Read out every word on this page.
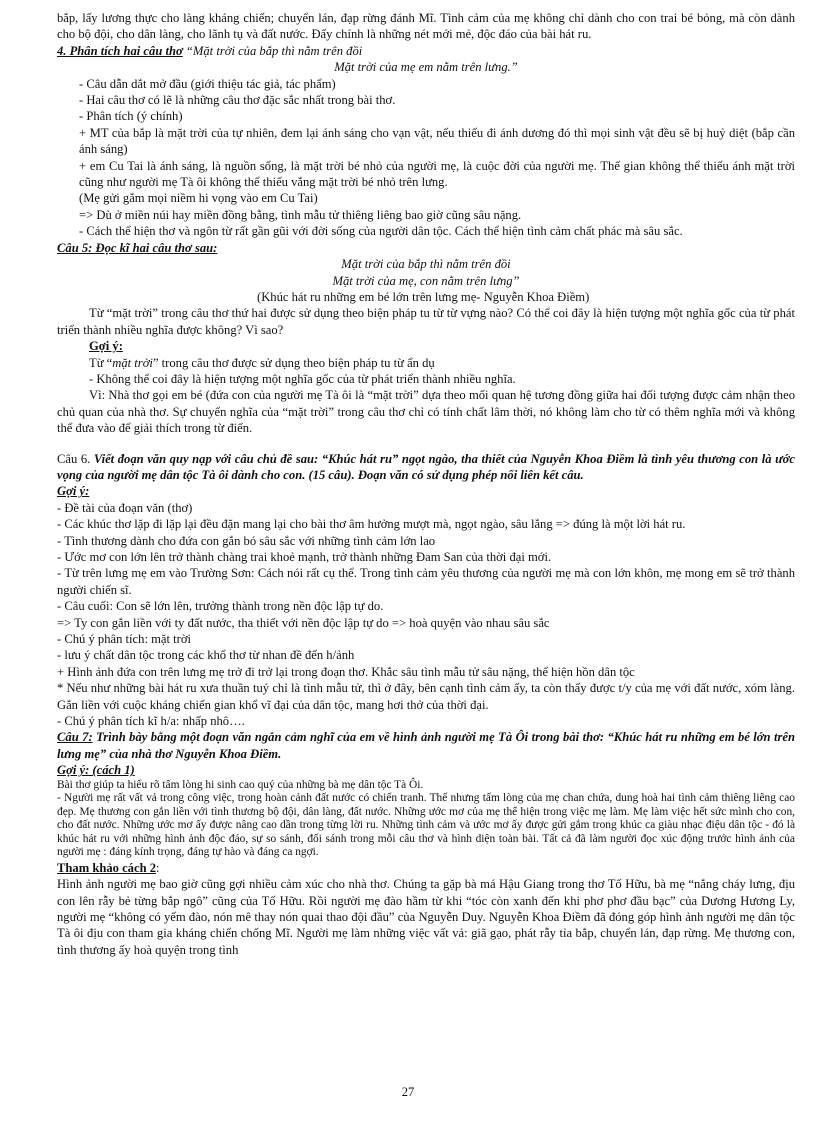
bắp, lấy lương thực cho làng kháng chiến; chuyển lán, đạp rừng đánh Mĩ. Tình cảm của mẹ không chỉ dành cho con trai bé bỏng, mà còn dành cho bộ đội, cho dân làng, cho lãnh tụ và đất nước. Đấy chính là những nét mới mẻ, độc đáo của bài hát ru.

4. Phân tích hai câu thơ “Mặt trời của bắp thì nằm trên đồi

Mặt trời của mẹ em nằm trên lưng.”

- Câu dẫn dắt mở đầu (giới thiệu tác giả, tác phẩm)

- Hai câu thơ có lẽ là những câu thơ đặc sắc nhất trong bài thơ.

- Phân tích (ý chính)

+ MT của bắp là mặt trời của tự nhiên, đem lại ánh sáng cho vạn vật, nếu thiếu đi ánh dương đó thì mọi sinh vật đều sẽ bị huỷ diệt (bắp cần ánh sáng)

+ em Cu Tai là ánh sáng, là nguồn sống, là mặt trời bé nhỏ của người mẹ, là cuộc đời của người mẹ. Thế gian không thể thiếu ánh mặt trời cũng như người mẹ Tà ôi không thể thiếu vắng mặt trời bé nhỏ trên lưng.

(Mẹ gửi gắm mọi niềm hi vọng vào em Cu Tai)

=> Dù ở miền núi hay miền đồng bằng, tình mẫu tử thiêng liêng bao giờ cũng sâu nặng.

- Cách thể hiện thơ và ngôn từ rất gần gũi với đời sống của người dân tộc. Cách thể hiện tình cảm chất phác mà sâu sắc.

Câu 5: Đọc kĩ hai câu thơ sau:

Mặt trời của bắp thì nằm trên đồi

Mặt trời của mẹ, con nằm trên lưng”

(Khúc hát ru những em bé lớn trên lưng mẹ- Nguyễn Khoa Điềm)

Từ “mặt trời” trong câu thơ thứ hai được sử dụng theo biện pháp tu từ từ vựng nào? Có thể coi đây là hiện tượng một nghĩa gốc của từ phát triển thành nhiều nghĩa được không? Vì sao?

Gợi ý:

Từ “mặt trời” trong câu thơ được sử dụng theo biện pháp tu từ ẩn dụ

- Không thể coi đây là hiện tượng một nghĩa gốc của từ phát triển thành nhiều nghĩa.

Vì: Nhà thơ gọi em bé (đứa con của người mẹ Tà ôi là “mặt trời” dựa theo mối quan hệ tương đồng giữa hai đối tượng được cảm nhận theo chủ quan của nhà thơ. Sự chuyển nghĩa của “mặt trời” trong câu thơ chỉ có tính chất lâm thời, nó không làm cho từ có thêm nghĩa mới và không thể đưa vào để giải thích trong từ điển.

Câu 6. Viết đoạn văn quy nạp với câu chủ đề sau: “Khúc hát ru” ngọt ngào, tha thiết của Nguyễn Khoa Điềm là tình yêu thương con là ước vọng của người mẹ dân tộc Tà ôi dành cho con. (15 câu). Đoạn văn có sử dụng phép nối liên kết câu.

Gợi ý:

- Đề tài của đoạn văn (thơ)

- Các khúc thơ lặp đi lặp lại đều đặn mang lại cho bài thơ âm hưởng mượt mà, ngọt ngào, sâu lắng => đúng là một lời hát ru.

- Tình thương dành cho đứa con gắn bó sâu sắc với những tình cảm lớn lao

- Ước mơ con lớn lên trở thành chàng trai khoẻ mạnh, trở thành những Đam San của thời đại mới.

- Từ trên lưng mẹ em vào Trường Sơn: Cách nói rất cụ thể. Trong tình cảm yêu thương của người mẹ mà con lớn khôn, mẹ mong em sẽ trở thành người chiến sĩ.

- Câu cuối: Con sẽ lớn lên, trưởng thành trong nền độc lập tự do.

=> Ty con gắn liền với ty đất nước, tha thiết với nền độc lập tự do => hoà quyện vào nhau sâu sắc

- Chú ý phân tích: mặt trời

- lưu ý chất dân tộc trong các khổ thơ từ nhan đề đến h/ảnh

+ Hình ảnh đứa con trên lưng mẹ trở đi trở lại trong đoạn thơ. Khắc sâu tình mẫu tử sâu nặng, thể hiện hồn dân tộc

* Nếu như những bài hát ru xưa thuần tuý chỉ là tình mẫu tử, thì ở đây, bên cạnh tình cảm ấy, ta còn thấy được t/y của mẹ với đất nước, xóm làng. Gắn liền với cuộc kháng chiến gian khổ vĩ đại của dân tộc, mang hơi thở của thời đại.

- Chú ý phân tích kĩ h/a: nhấp nhô….

Câu 7: Trình bày bằng một đoạn văn ngắn cảm nghĩ của em về hình ảnh người mẹ Tà Ôi trong bài thơ: “Khúc hát ru những em bé lớn trên lưng mẹ” của nhà thơ Nguyễn Khoa Điềm.

Gợi ý: (cách 1)

Bài thơ giúp ta hiểu rõ tấm lòng hi sinh cao quý của những bà mẹ dân tộc Tà Ôi.

- Người mẹ rất vất vả trong công việc, trong hoàn cảnh đất nước có chiến tranh. Thế nhưng tấm lòng của mẹ chan chứa, dung hoà hai tình cảm thiêng liêng cao đẹp. Mẹ thương con gắn liền với tình thương bộ đội, dân làng, đất nước. Những ước mơ của mẹ thể hiện trong việc mẹ làm. Mẹ làm việc hết sức mình cho con, cho đất nước. Những ước mơ ấy được nâng cao dần trong từng lời ru. Những tình cảm và ước mơ ấy được gửi gắm trong khúc ca giàu nhạc điệu dân tộc - đó là khúc hát ru với những hình ảnh độc đáo, sự so sánh, đối sánh trong mỗi câu thơ và hình diện toàn bài. Tất cả đã làm người đọc xúc động trước hình ảnh của người mẹ : đáng kính trọng, đáng tự hào và đáng ca ngợi.

Tham khảo cách 2:

Hình ảnh người mẹ bao giờ cũng gợi nhiều cảm xúc cho nhà thơ. Chúng ta gặp bà má Hậu Giang trong thơ Tố Hữu, bà mẹ “nắng cháy lưng, địu con lên rẫy bẻ từng bắp ngô” cũng của Tố Hữu. Rồi người mẹ đào hầm từ khi “tóc còn xanh đến khi phơ phơ đầu bạc” của Dương Hương Ly, người mẹ “không có yếm đào, nón mê thay nón quai thao đội đầu” của Nguyễn Duy. Nguyễn Khoa Điềm đã đóng góp hình ảnh người mẹ dân tộc Tà ôi địu con tham gia kháng chiến chống Mĩ. Người mẹ làm những việc vất vả: giã gạo, phát rẫy tỉa bắp, chuyển lán, đạp rừng. Mẹ thương con, tình thương ấy hoà quyện trong tình

27
